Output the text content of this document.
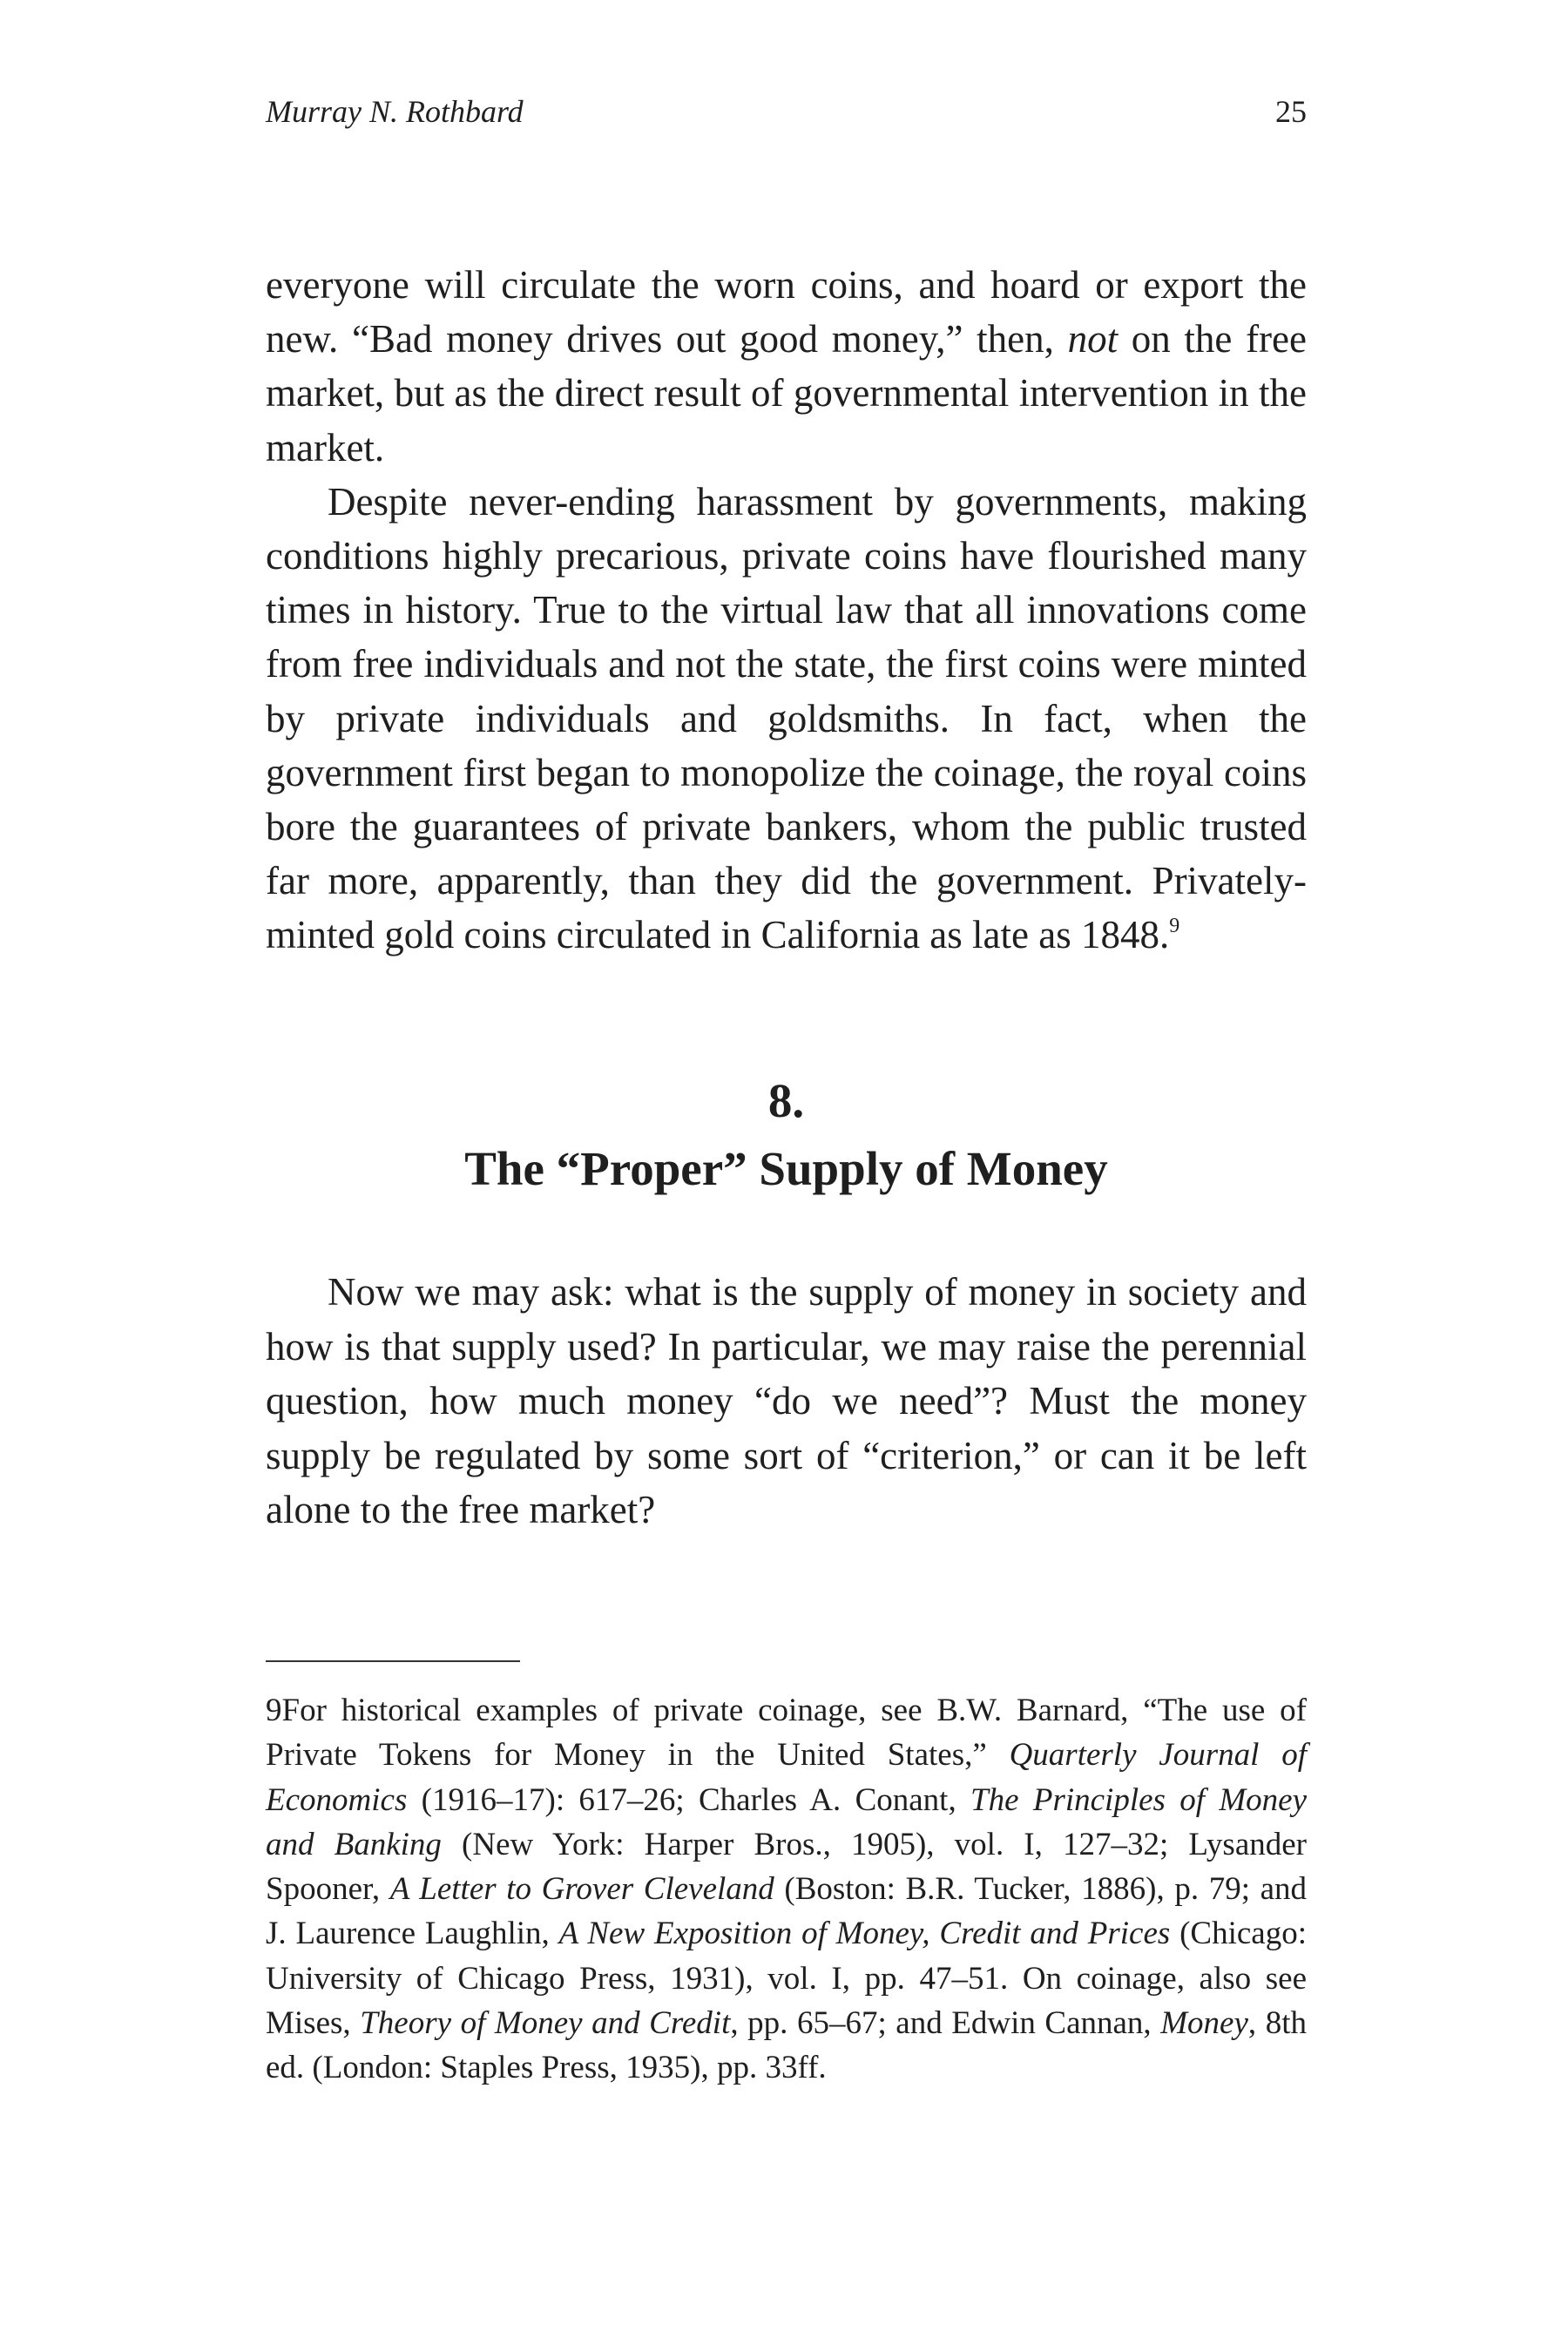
Murray N. Rothbard	25

everyone will circulate the worn coins, and hoard or export the new. “Bad money drives out good money,” then, not on the free market, but as the direct result of governmental intervention in the market.

Despite never-ending harassment by governments, making conditions highly precarious, private coins have flourished many times in history. True to the virtual law that all innovations come from free individuals and not the state, the first coins were minted by private individuals and goldsmiths. In fact, when the government first began to monopolize the coinage, the royal coins bore the guarantees of private bankers, whom the public trusted far more, apparently, than they did the government. Privately-minted gold coins circulated in California as late as 1848.$^9$

8.
The “Proper” Supply of Money

Now we may ask: what is the supply of money in society and how is that supply used? In particular, we may raise the perennial question, how much money “do we need”? Must the money supply be regulated by some sort of “criterion,” or can it be left alone to the free market?

9For historical examples of private coinage, see B.W. Barnard, “The use of Private Tokens for Money in the United States,” Quarterly Journal of Economics (1916–17): 617–26; Charles A. Conant, The Principles of Money and Banking (New York: Harper Bros., 1905), vol. I, 127–32; Lysander Spooner, A Letter to Grover Cleveland (Boston: B.R. Tucker, 1886), p. 79; and J. Laurence Laughlin, A New Exposition of Money, Credit and Prices (Chicago: University of Chicago Press, 1931), vol. I, pp. 47–51. On coinage, also see Mises, Theory of Money and Credit, pp. 65–67; and Edwin Cannan, Money, 8th ed. (London: Staples Press, 1935), pp. 33ff.
